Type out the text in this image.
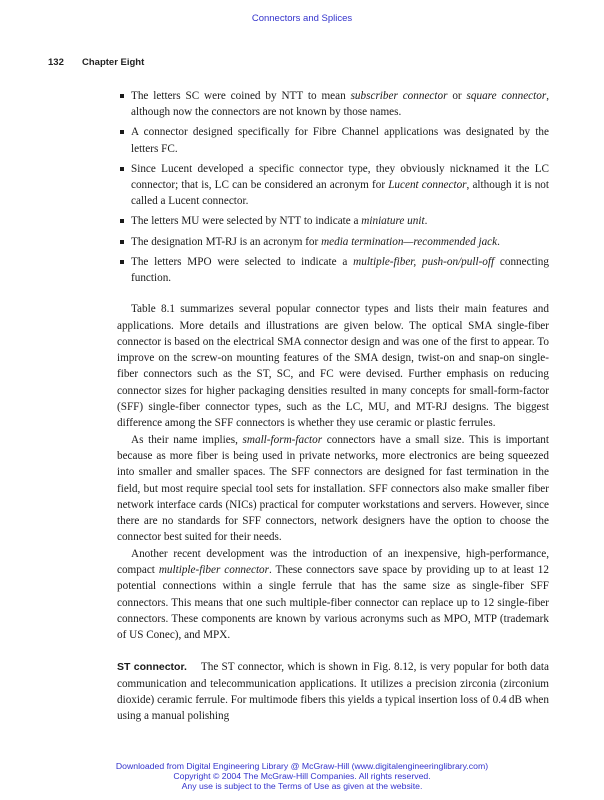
Connectors and Splices
132 Chapter Eight
The letters SC were coined by NTT to mean subscriber connector or square connector, although now the connectors are not known by those names.
A connector designed specifically for Fibre Channel applications was designated by the letters FC.
Since Lucent developed a specific connector type, they obviously nicknamed it the LC connector; that is, LC can be considered an acronym for Lucent connector, although it is not called a Lucent connector.
The letters MU were selected by NTT to indicate a miniature unit.
The designation MT-RJ is an acronym for media termination—recommended jack.
The letters MPO were selected to indicate a multiple-fiber, push-on/pull-off connecting function.

Table 8.1 summarizes several popular connector types and lists their main features and applications. More details and illustrations are given below. The optical SMA single-fiber connector is based on the electrical SMA connector design and was one of the first to appear. To improve on the screw-on mounting features of the SMA design, twist-on and snap-on single-fiber connectors such as the ST, SC, and FC were devised. Further emphasis on reducing connector sizes for higher packaging densities resulted in many concepts for small-form-factor (SFF) single-fiber connector types, such as the LC, MU, and MT-RJ designs. The biggest difference among the SFF connectors is whether they use ceramic or plastic ferrules.

As their name implies, small-form-factor connectors have a small size. This is important because as more fiber is being used in private networks, more electronics are being squeezed into smaller and smaller spaces. The SFF connectors are designed for fast termination in the field, but most require special tool sets for installation. SFF connectors also make smaller fiber network interface cards (NICs) practical for computer workstations and servers. However, since there are no standards for SFF connectors, network designers have the option to choose the connector best suited for their needs.

Another recent development was the introduction of an inexpensive, high-performance, compact multiple-fiber connector. These connectors save space by providing up to at least 12 potential connections within a single ferrule that has the same size as single-fiber SFF connectors. This means that one such multiple-fiber connector can replace up to 12 single-fiber connectors. These components are known by various acronyms such as MPO, MTP (trademark of US Conec), and MPX.

ST connector. The ST connector, which is shown in Fig. 8.12, is very popular for both data communication and telecommunication applications. It utilizes a precision zirconia (zirconium dioxide) ceramic ferrule. For multimode fibers this yields a typical insertion loss of 0.4 dB when using a manual polishing
Downloaded from Digital Engineering Library @ McGraw-Hill (www.digitalengineeringlibrary.com)
Copyright © 2004 The McGraw-Hill Companies. All rights reserved.
Any use is subject to the Terms of Use as given at the website.
